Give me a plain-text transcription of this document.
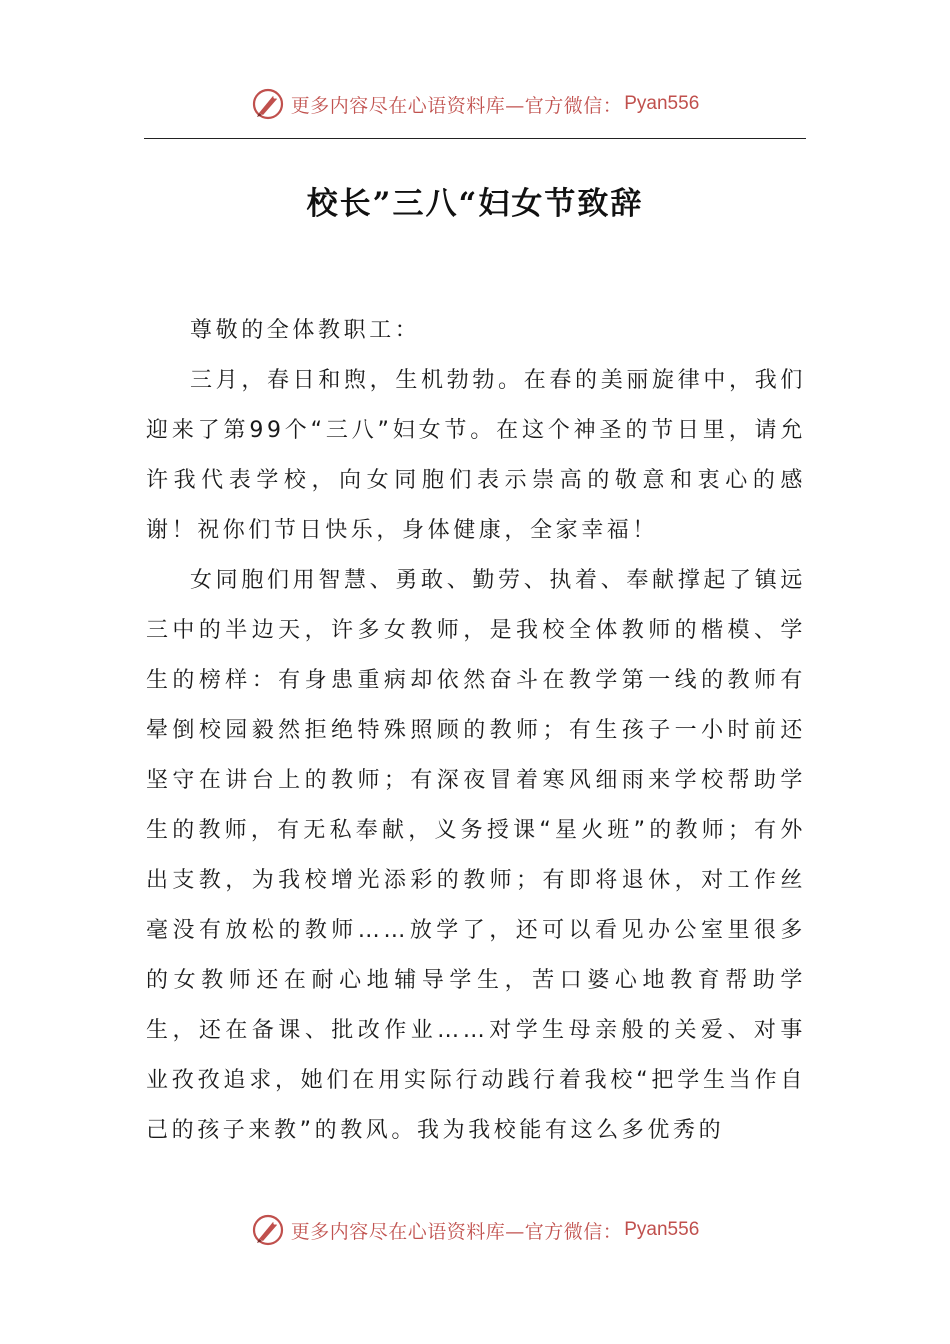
更多内容尽在心语资料库—官方微信： Pyan556
校长”三八“妇女节致辞

尊敬的全体教职工：

三月，春日和煦，生机勃勃。在春的美丽旋律中，我们迎来了第99个“三八”妇女节。在这个神圣的节日里，请允许我代表学校，向女同胞们表示崇高的敬意和衷心的感谢！祝你们节日快乐，身体健康，全家幸福！

女同胞们用智慧、勇敢、勤劳、执着、奉献撑起了镇远三中的半边天，许多女教师，是我校全体教师的楷模、学生的榜样：有身患重病却依然奋斗在教学第一线的教师有晕倒校园毅然拒绝特殊照顾的教师；有生孩子一小时前还坚守在讲台上的教师；有深夜冒着寒风细雨来学校帮助学生的教师，有无私奉献，义务授课“星火班”的教师；有外出支教，为我校增光添彩的教师；有即将退休，对工作丝毫没有放松的教师……放学了，还可以看见办公室里很多的女教师还在耐心地辅导学生，苦口婆心地教育帮助学生，还在备课、批改作业……对学生母亲般的关爱、对事业孜孜追求，她们在用实际行动践行着我校“把学生当作自己的孩子来教”的教风。我为我校能有这么多优秀的

更多内容尽在心语资料库—官方微信： Pyan556
